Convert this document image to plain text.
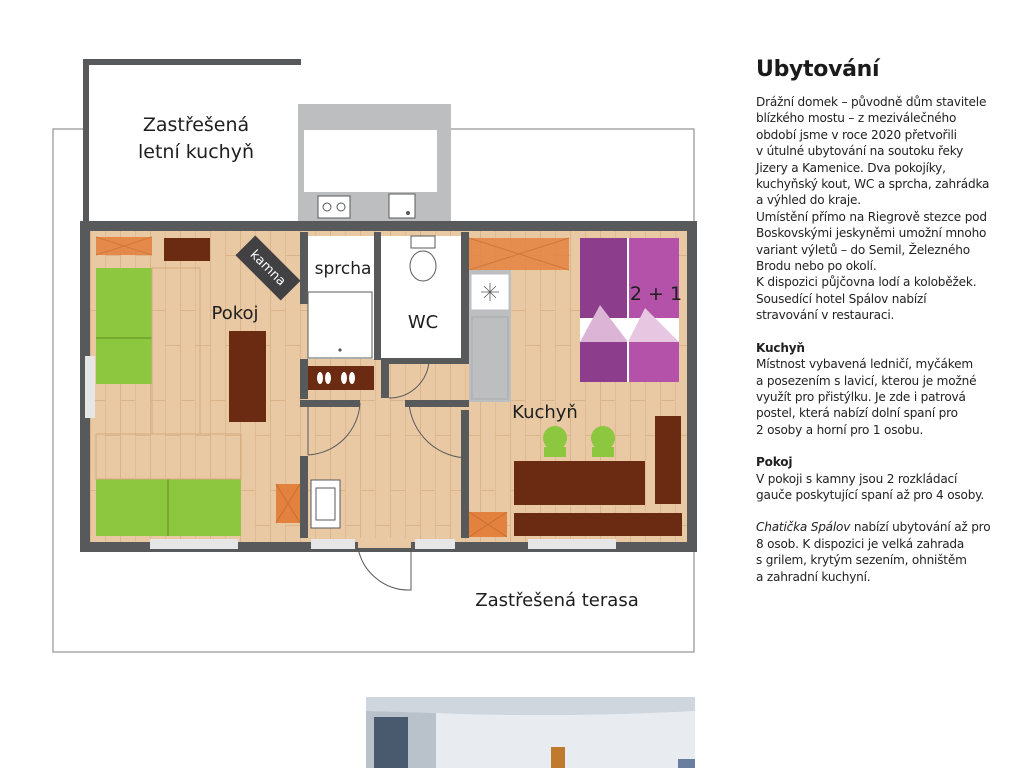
kamna
2 + 1
Zastřešená
letní kuchyň
sprcha
WC
Pokoj
Kuchyň
Zastřešená terasa
Ubytování

Drážní domek – původně dům stavitele

blízkého mostu – z meziválečného

období jsme v roce 2020 přetvořili

v útulné ubytování na soutoku řeky

Jizery a Kamenice. Dva pokojíky,

kuchyňský kout, WC a sprcha, zahrádka

a výhled do kraje.

Umístění přímo na Riegrově stezce pod

Boskovskými jeskyněmi umožní mnoho

variant výletů – do Semil, Železného

Brodu nebo po okolí.

K dispozici půjčovna lodí a koloběžek.

Sousedící hotel Spálov nabízí

stravování v restauraci.

Kuchyň

Místnost vybavená ledničí, myčákem

a posezením s lavicí, kterou je možné

využít pro přistýlku. Je zde i patrová

postel, která nabízí dolní spaní pro

2 osoby a horní pro 1 osobu.

Pokoj

V pokoji s kamny jsou 2 rozkládací

gauče poskytující spaní až pro 4 osoby.

Chatička Spálov nabízí ubytování až pro

8 osob. K dispozici je velká zahrada

s grilem, krytým sezením, ohništěm

a zahradní kuchyní.
